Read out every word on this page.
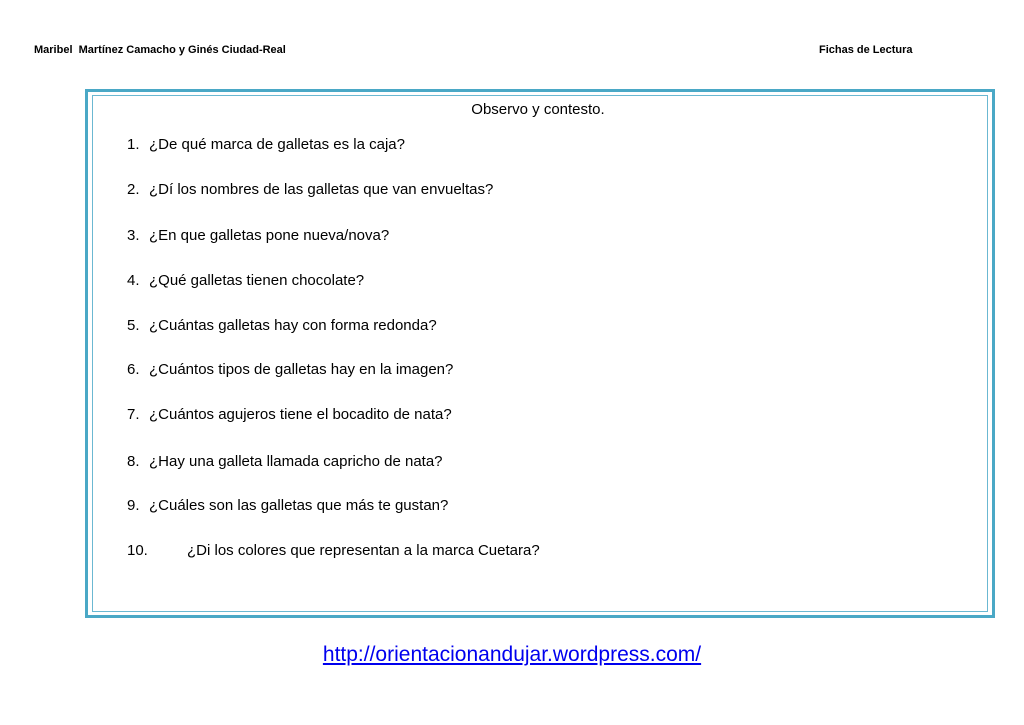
Maribel  Martínez Camacho y Ginés Ciudad-Real	Fichas de Lectura
Observo y contesto.
1. ¿De qué marca de galletas es la caja?
2. ¿Dí los nombres de las galletas que van envueltas?
3. ¿En que galletas pone nueva/nova?
4. ¿Qué galletas tienen chocolate?
5. ¿Cuántas galletas hay con forma redonda?
6. ¿Cuántos tipos de galletas hay en la imagen?
7. ¿Cuántos agujeros tiene el bocadito de nata?
8. ¿Hay una galleta llamada capricho de nata?
9. ¿Cuáles son las galletas que más te gustan?
10.	¿Di los colores que representan a la marca Cuetara?
http://orientacionandujar.wordpress.com/
